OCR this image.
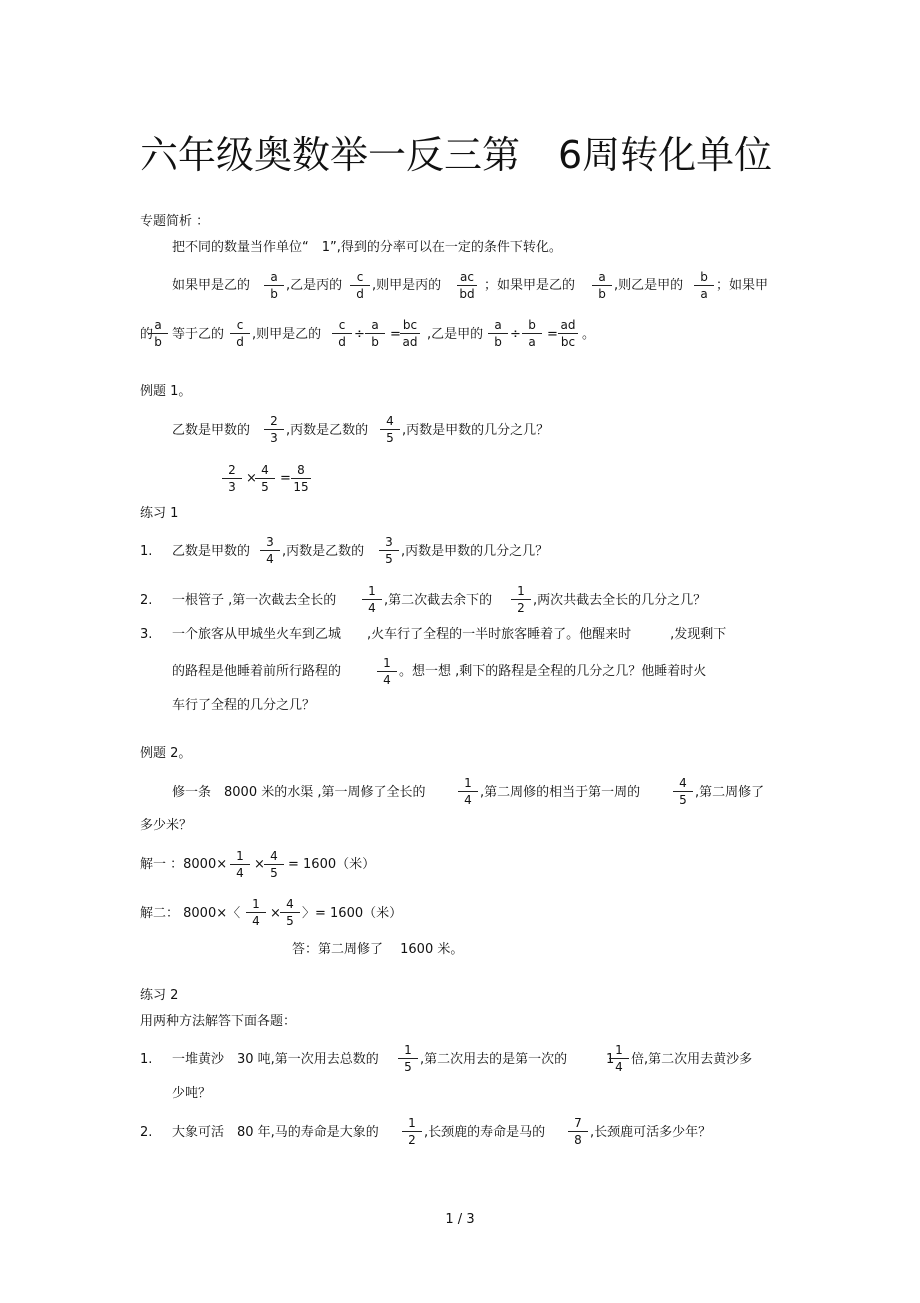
六年级奥数举一反三第　6周转化单位
专题简析 ：
把不同的数量当作单位“　1”,得到的分率可以在一定的条件下转化。
如果甲是乙的
a
b
,乙是丙的
c
d
,则甲是丙的
ac
bd
；如果甲是乙的
a
b
,则乙是甲的
b
a
；如果甲
的
a
b 等于乙的
c
d ,则甲是乙的
c
d ÷
a
b =
bc
ad ,乙是甲的
a
b ÷
b
a =
ad
bc 。
例题 1。
乙数是甲数的
2
3 ,丙数是乙数的
4
5 ,丙数是甲数的几分之几？
2
3
×
4
5
=
8
15
练习 1
1. 乙数是甲数的
3
4 ,丙数是乙数的
3
5 ,丙数是甲数的几分之几？
2. 一根管子 ,第一次截去全长的
1
4 ,第二次截去余下的
1
2 ,两次共截去全长的几分之几？
3. 一个旅客从甲城坐火车到乙城　　,火车行了全程的一半时旅客睡着了。他醒来时　　　,发现剩下
的路程是他睡着前所行路程的
1
4
。想一想 ,剩下的路程是全程的几分之几？他睡着时火
车行了全程的几分之几？
例题 2。
修一条　8000 米的水渠 ,第一周修了全长的
1
4 ,第二周修的相当于第一周的
4
5 ,第二周修了
多少米？
解一 ：8000×
1
4
×
4
5
= 1600（米）
解二： 8000×〈
1
4 ×
4
5 〉= 1600（米）
答：第二周修了　 1600 米。
练习 2
用两种方法解答下面各题：
1. 一堆黄沙　30 吨,第一次用去总数的
1
5 ,第二次用去的是第一次的	1
1
4 倍,第二次用去黄沙多
少吨？
2. 大象可活　80 年,马的寿命是大象的
1
2 ,长颈鹿的寿命是马的
7
8 ,长颈鹿可活多少年？
1 / 3
